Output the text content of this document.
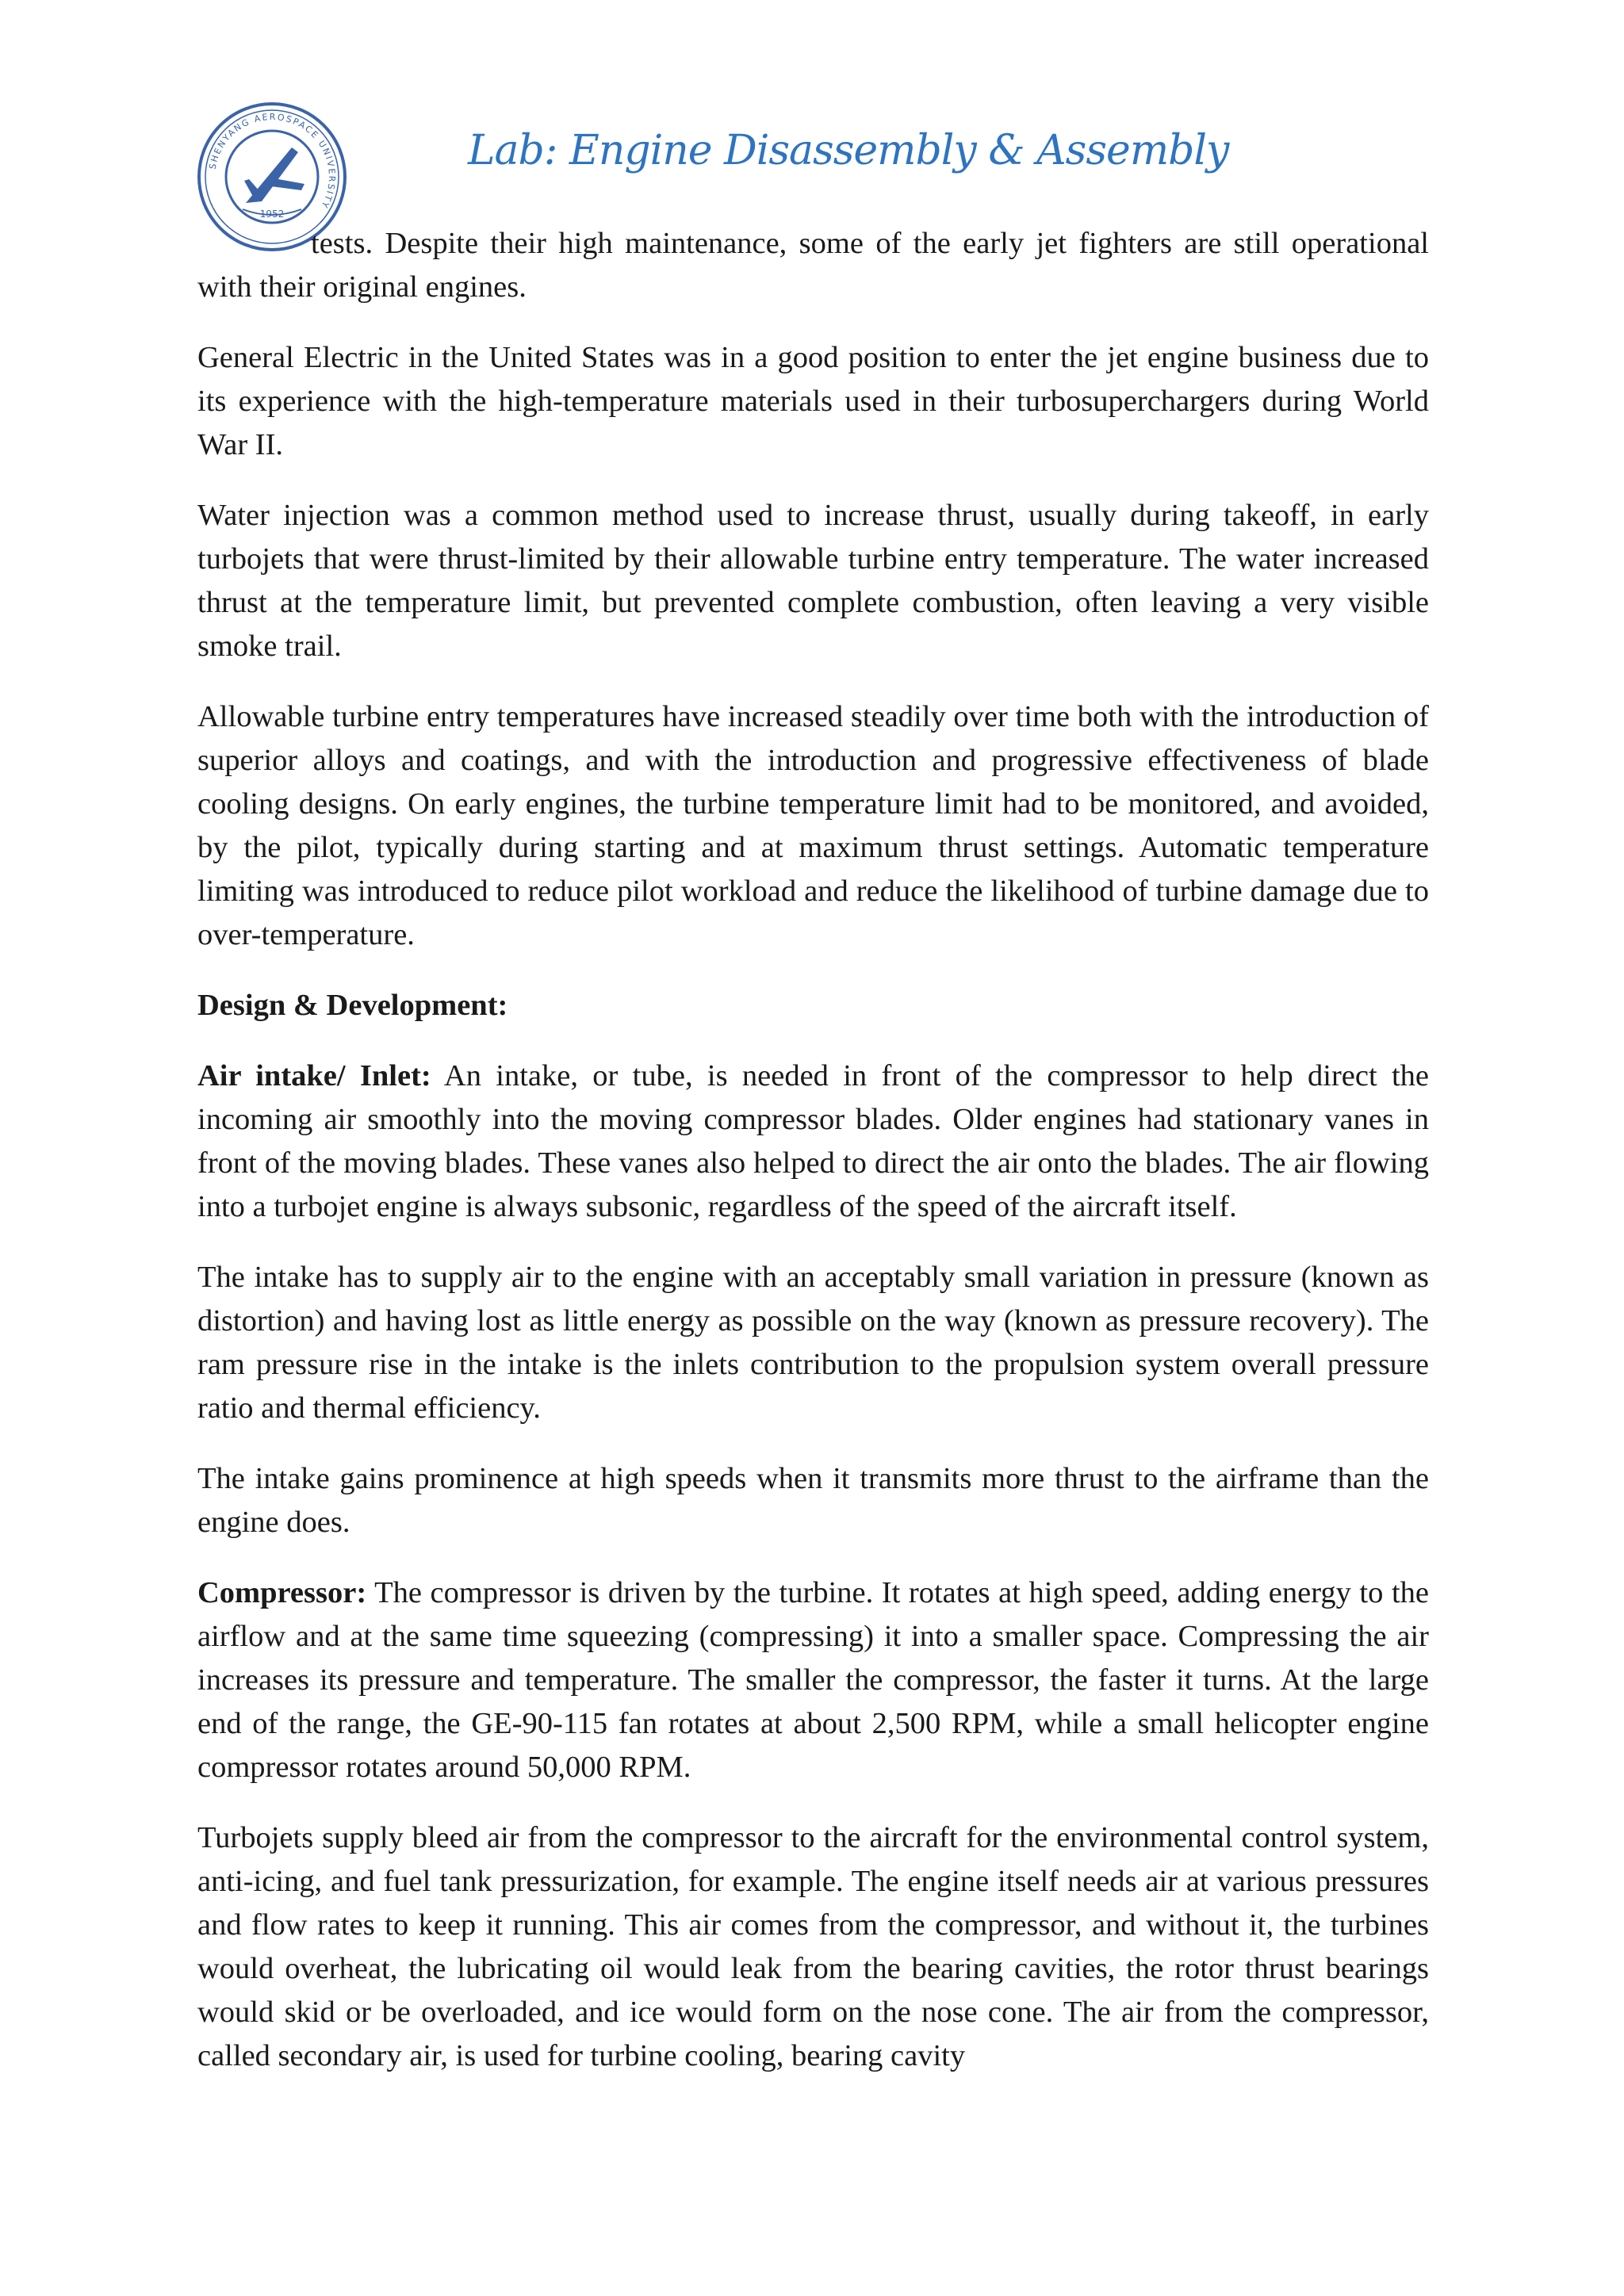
SHENYANG AEROSPACE UNIVERSITY
1952
Lab: Engine Disassembly & Assembly

tests. Despite their high maintenance, some of the early jet fighters are still operational with their original engines.

General Electric in the United States was in a good position to enter the jet engine business due to its experience with the high-temperature materials used in their turbosuperchargers during World War II.

Water injection was a common method used to increase thrust, usually during takeoff, in early turbojets that were thrust-limited by their allowable turbine entry temperature. The water increased thrust at the temperature limit, but prevented complete combustion, often leaving a very visible smoke trail.

Allowable turbine entry temperatures have increased steadily over time both with the introduction of superior alloys and coatings, and with the introduction and progressive effectiveness of blade cooling designs. On early engines, the turbine temperature limit had to be monitored, and avoided, by the pilot, typically during starting and at maximum thrust settings. Automatic temperature limiting was introduced to reduce pilot workload and reduce the likelihood of turbine damage due to over-temperature.

Design & Development:

Air intake/ Inlet: An intake, or tube, is needed in front of the compressor to help direct the incoming air smoothly into the moving compressor blades. Older engines had stationary vanes in front of the moving blades. These vanes also helped to direct the air onto the blades. The air flowing into a turbojet engine is always subsonic, regardless of the speed of the aircraft itself.

The intake has to supply air to the engine with an acceptably small variation in pressure (known as distortion) and having lost as little energy as possible on the way (known as pressure recovery). The ram pressure rise in the intake is the inlets contribution to the propulsion system overall pressure ratio and thermal efficiency.

The intake gains prominence at high speeds when it transmits more thrust to the airframe than the engine does.

Compressor: The compressor is driven by the turbine. It rotates at high speed, adding energy to the airflow and at the same time squeezing (compressing) it into a smaller space. Compressing the air increases its pressure and temperature. The smaller the compressor, the faster it turns. At the large end of the range, the GE-90-115 fan rotates at about 2,500 RPM, while a small helicopter engine compressor rotates around 50,000 RPM.

Turbojets supply bleed air from the compressor to the aircraft for the environmental control system, anti-icing, and fuel tank pressurization, for example. The engine itself needs air at various pressures and flow rates to keep it running. This air comes from the compressor, and without it, the turbines would overheat, the lubricating oil would leak from the bearing cavities, the rotor thrust bearings would skid or be overloaded, and ice would form on the nose cone. The air from the compressor, called secondary air, is used for turbine cooling, bearing cavity
